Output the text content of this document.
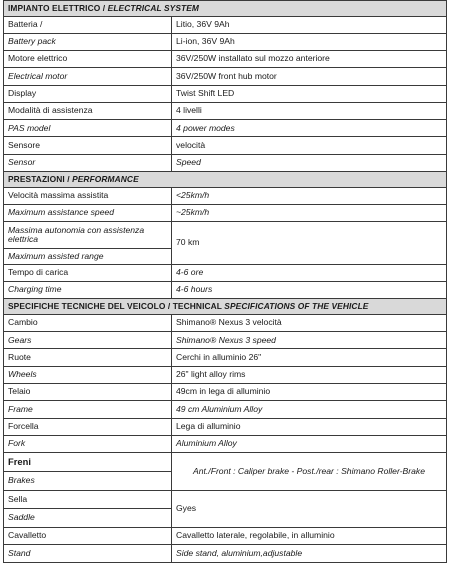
IMPIANTO ELETTRICO / ELECTRICAL SYSTEM	
Batteria /	Litio, 36V 9Ah
Battery pack	Li-ion, 36V 9Ah
Motore elettrico	36V/250W installato sul mozzo anteriore
Electrical motor	36V/250W front hub motor
Display	Twist Shift LED
Modalità di assistenza	4 livelli
PAS model	4 power modes
Sensore	velocità
Sensor	Speed
PRESTAZIONI / PERFORMANCE	
Velocità massima assistita	<25km/h
Maximum assistance speed	~25km/h
Massima autonomia con assistenza elettrica	70 km
Maximum assisted range	
Tempo di carica	4-6 ore
Charging time	4-6 hours
SPECIFICHE TECNICHE DEL VEICOLO / TECHNICAL SPECIFICATIONS OF THE VEHICLE	
Cambio	Shimano® Nexus 3 velocità
Gears	Shimano® Nexus 3 speed
Ruote	Cerchi in alluminio 26"
Wheels	26" light alloy rims
Telaio	49cm in lega di alluminio
Frame	49 cm Aluminium Alloy
Forcella	Lega di alluminio
Fork	Aluminium Alloy
Freni	Ant./Front : Caliper brake - Post./rear : Shimano Roller-Brake
Brakes	
Sella	Gyes
Saddle	
Cavalletto	Cavalletto laterale, regolabile, in alluminio
Stand	Side stand, aluminium,adjustable
